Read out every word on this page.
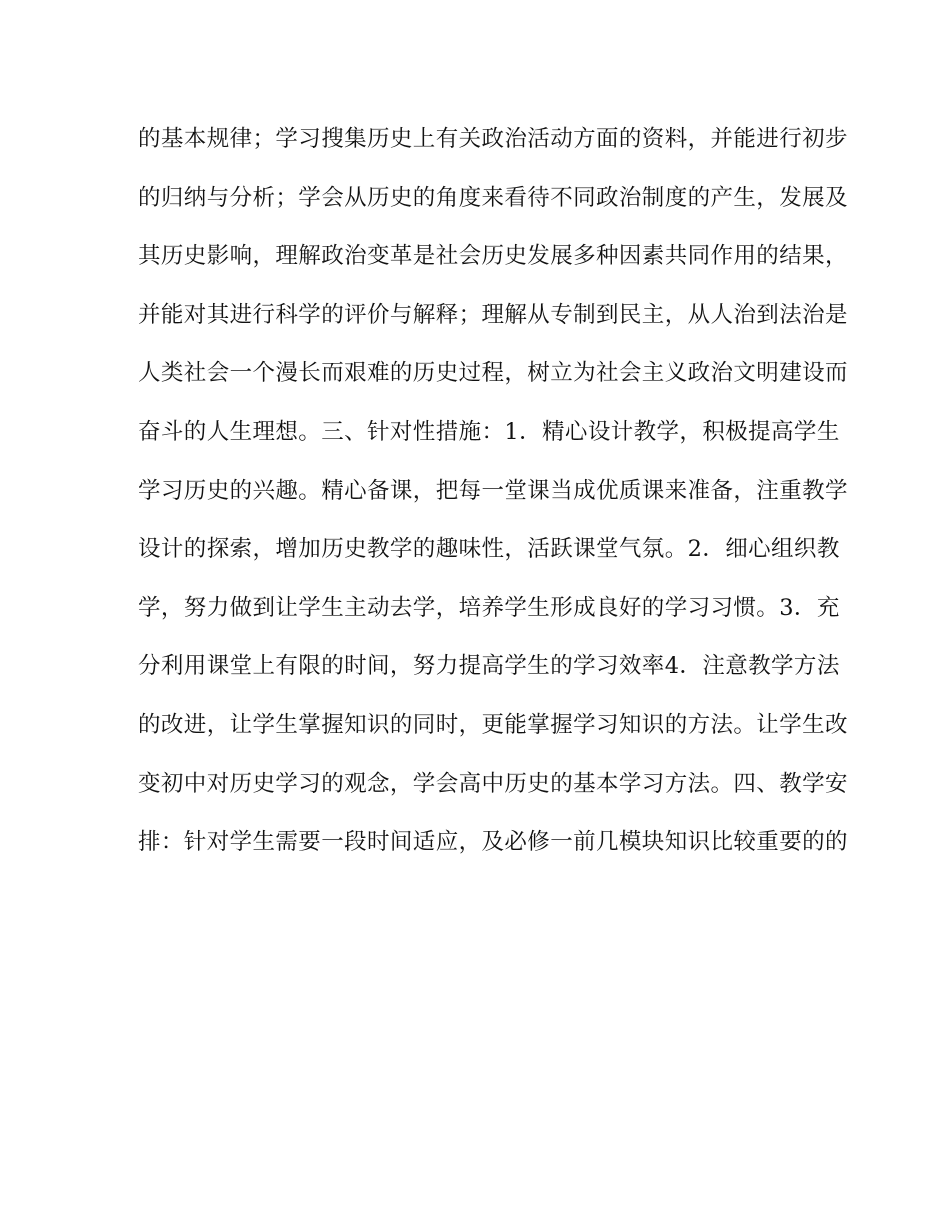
的基本规律；学习搜集历史上有关政治活动方面的资料，并能进行初步
的归纳与分析；学会从历史的角度来看待不同政治制度的产生，发展及
其历史影响，理解政治变革是社会历史发展多种因素共同作用的结果，
并能对其进行科学的评价与解释；理解从专制到民主，从人治到法治是
人类社会一个漫长而艰难的历史过程，树立为社会主义政治文明建设而
奋斗的人生理想。三、针对性措施：1．精心设计教学，积极提高学生
学习历史的兴趣。精心备课，把每一堂课当成优质课来准备，注重教学
设计的探索，增加历史教学的趣味性，活跃课堂气氛。2．细心组织教
学，努力做到让学生主动去学，培养学生形成良好的学习习惯。3．充
分利用课堂上有限的时间，努力提高学生的学习效率4．注意教学方法
的改进，让学生掌握知识的同时，更能掌握学习知识的方法。让学生改
变初中对历史学习的观念，学会高中历史的基本学习方法。四、教学安
排：针对学生需要一段时间适应，及必修一前几模块知识比较重要的的
